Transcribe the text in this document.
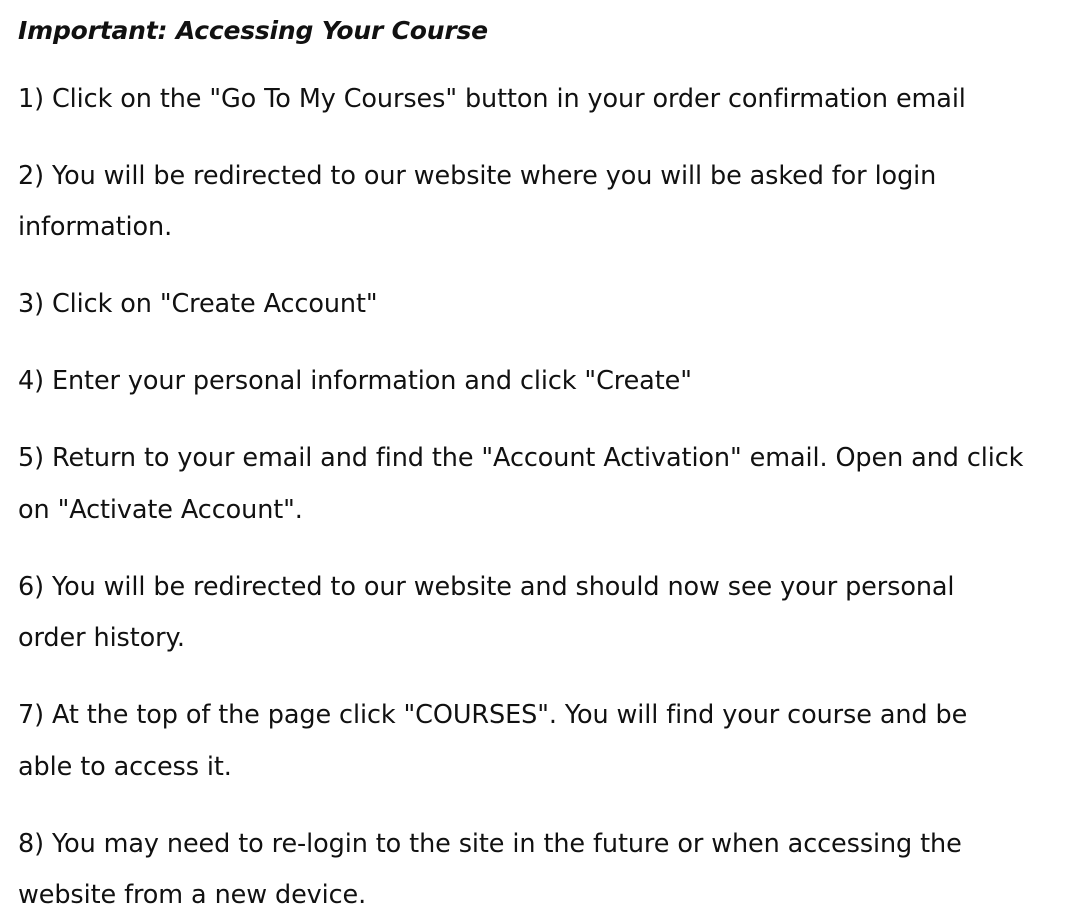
Important: Accessing Your Course

1) Click on the "Go To My Courses" button in your order confirmation email

2) You will be redirected to our website where you will be asked for login information.

3) Click on "Create Account"

4) Enter your personal information and click "Create"

5) Return to your email and find the "Account Activation" email. Open and click on "Activate Account".

6) You will be redirected to our website and should now see your personal order history.

7) At the top of the page click "COURSES". You will find your course and be able to access it.

8) You may need to re-login to the site in the future or when accessing the website from a new device.
